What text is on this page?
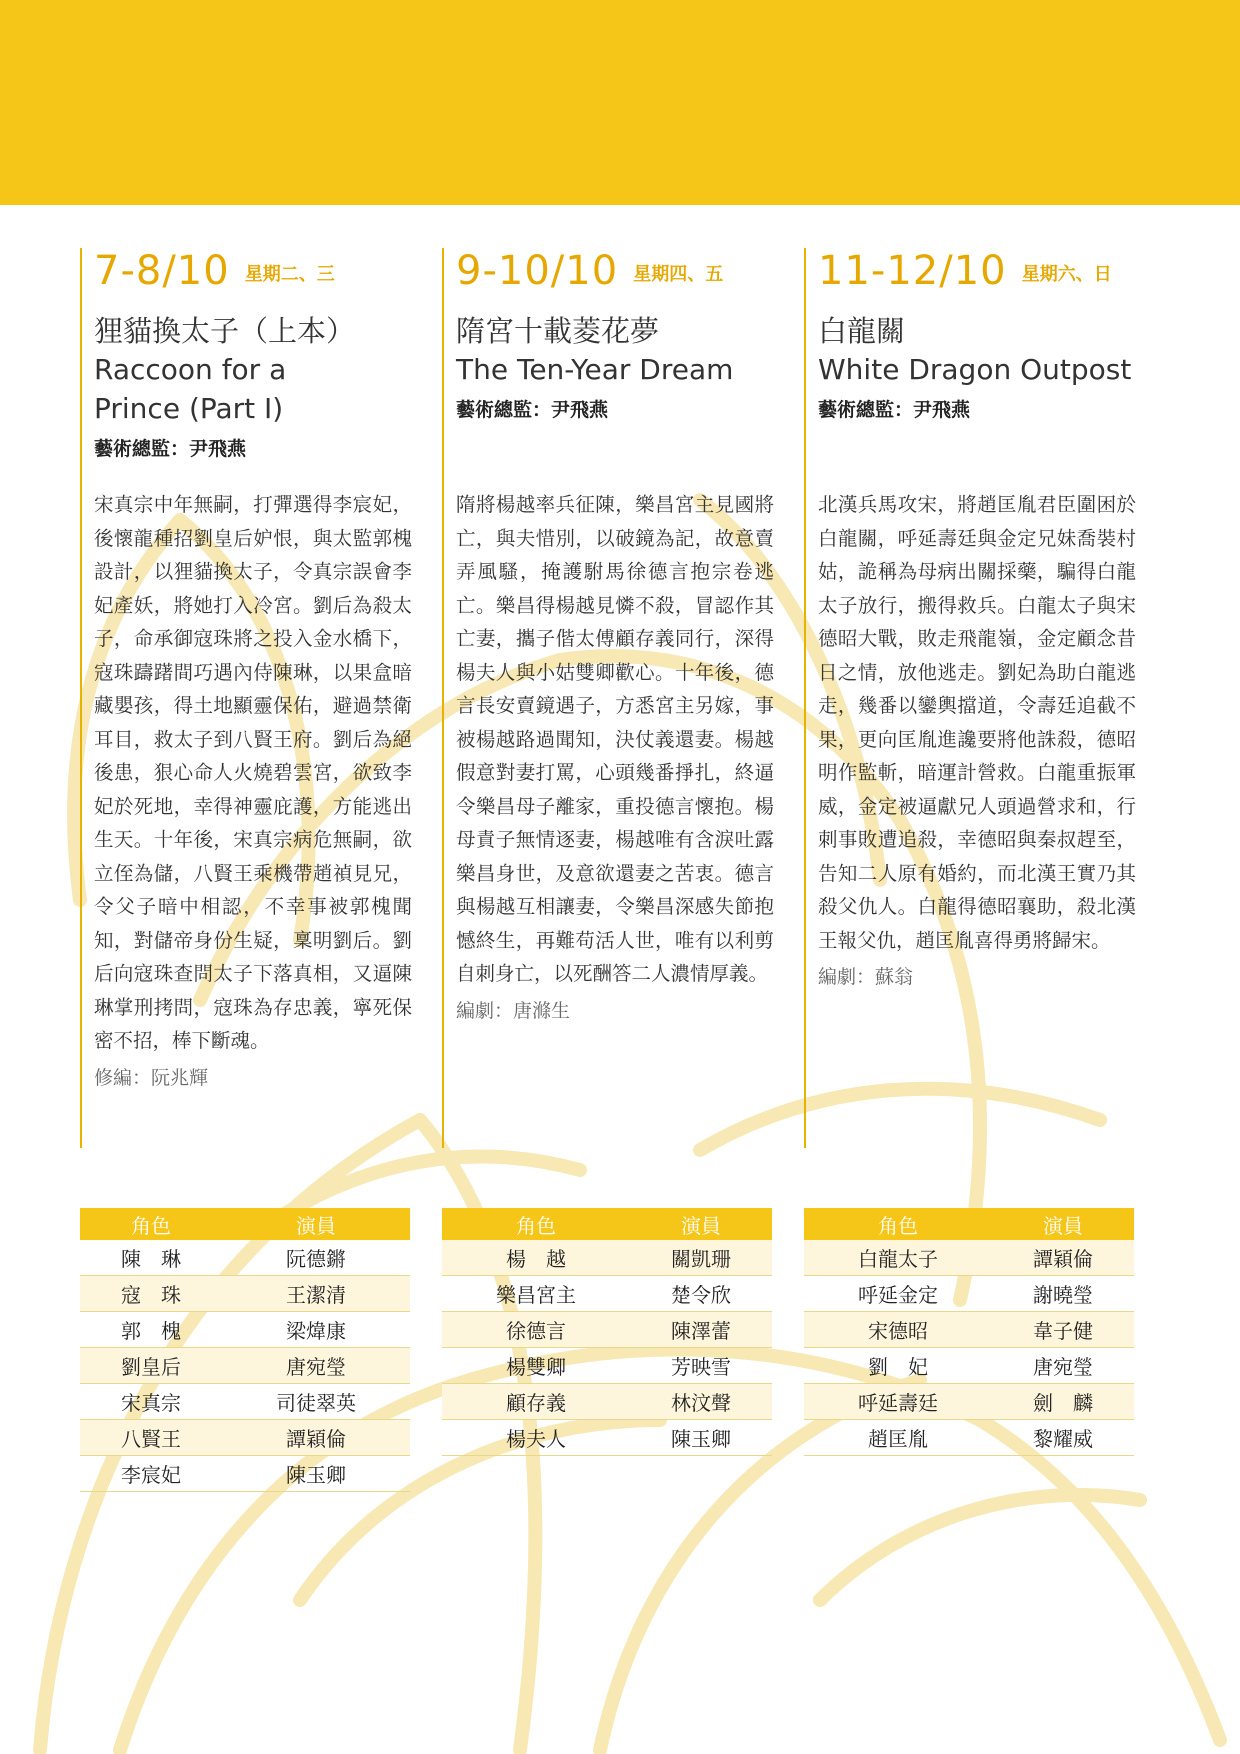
7-8/10 星期二、三
狸貓換太子（上本）
Raccoon for a
Prince (Part I)
藝術總監：尹飛燕
宋真宗中年無嗣，打彈選得李宸妃，後懷龍種招劉皇后妒恨，與太監郭槐設計，以狸貓換太子，令真宗誤會李妃產妖，將她打入冷宮。劉后為殺太子，命承御寇珠將之投入金水橋下，寇珠躊躇間巧遇內侍陳琳，以果盒暗藏嬰孩，得土地顯靈保佑，避過禁衛耳目，救太子到八賢王府。劉后為絕後患，狠心命人火燒碧雲宮，欲致李妃於死地，幸得神靈庇護，方能逃出生天。十年後，宋真宗病危無嗣，欲立侄為儲，八賢王乘機帶趙禎見兄，令父子暗中相認，不幸事被郭槐聞知，對儲帝身份生疑，稟明劉后。劉后向寇珠查問太子下落真相，又逼陳琳掌刑拷問，寇珠為存忠義，寧死保密不招，棒下斷魂。
修編：阮兆輝
9-10/10 星期四、五
隋宮十載菱花夢
The Ten-Year Dream
藝術總監：尹飛燕
隋將楊越率兵征陳，樂昌宮主見國將亡，與夫惜別，以破鏡為記，故意賣弄風騷，掩護駙馬徐德言抱宗卷逃亡。樂昌得楊越見憐不殺，冒認作其亡妻，攜子偕太傅顧存義同行，深得楊夫人與小姑雙卿歡心。十年後，德言長安賣鏡遇子，方悉宮主另嫁，事被楊越路過聞知，決仗義還妻。楊越假意對妻打罵，心頭幾番掙扎，終逼令樂昌母子離家，重投德言懷抱。楊母責子無情逐妻，楊越唯有含淚吐露樂昌身世，及意欲還妻之苦衷。德言與楊越互相讓妻，令樂昌深感失節抱憾終生，再難苟活人世，唯有以利剪自刺身亡，以死酬答二人濃情厚義。
編劇：唐滌生
11-12/10 星期六、日
白龍關
White Dragon Outpost
藝術總監：尹飛燕
北漢兵馬攻宋，將趙匡胤君臣圍困於白龍關，呼延壽廷與金定兄妹喬裝村姑，詭稱為母病出關採藥，騙得白龍太子放行，搬得救兵。白龍太子與宋德昭大戰，敗走飛龍嶺，金定顧念昔日之情，放他逃走。劉妃為助白龍逃走，幾番以鑾輿擋道，令壽廷追截不果，更向匡胤進讒要將他誅殺，德昭明作監斬，暗運計營救。白龍重振軍威，金定被逼獻兄人頭過營求和，行刺事敗遭追殺，幸德昭與秦叔趕至，告知二人原有婚約，而北漢王實乃其殺父仇人。白龍得德昭襄助，殺北漢王報父仇，趙匡胤喜得勇將歸宋。
編劇：蘇翁
角色	演員
陳　琳	阮德鏘
寇　珠	王潔清
郭　槐	梁煒康
劉皇后	唐宛瑩
宋真宗	司徒翠英
八賢王	譚穎倫
李宸妃	陳玉卿
角色	演員
楊　越	關凱珊
樂昌宮主	楚令欣
徐德言	陳澤蕾
楊雙卿	芳映雪
顧存義	林汶聲
楊夫人	陳玉卿
角色	演員
白龍太子	譚穎倫
呼延金定	謝曉瑩
宋德昭	韋子健
劉　妃	唐宛瑩
呼延壽廷	劍　麟
趙匡胤	黎耀威
